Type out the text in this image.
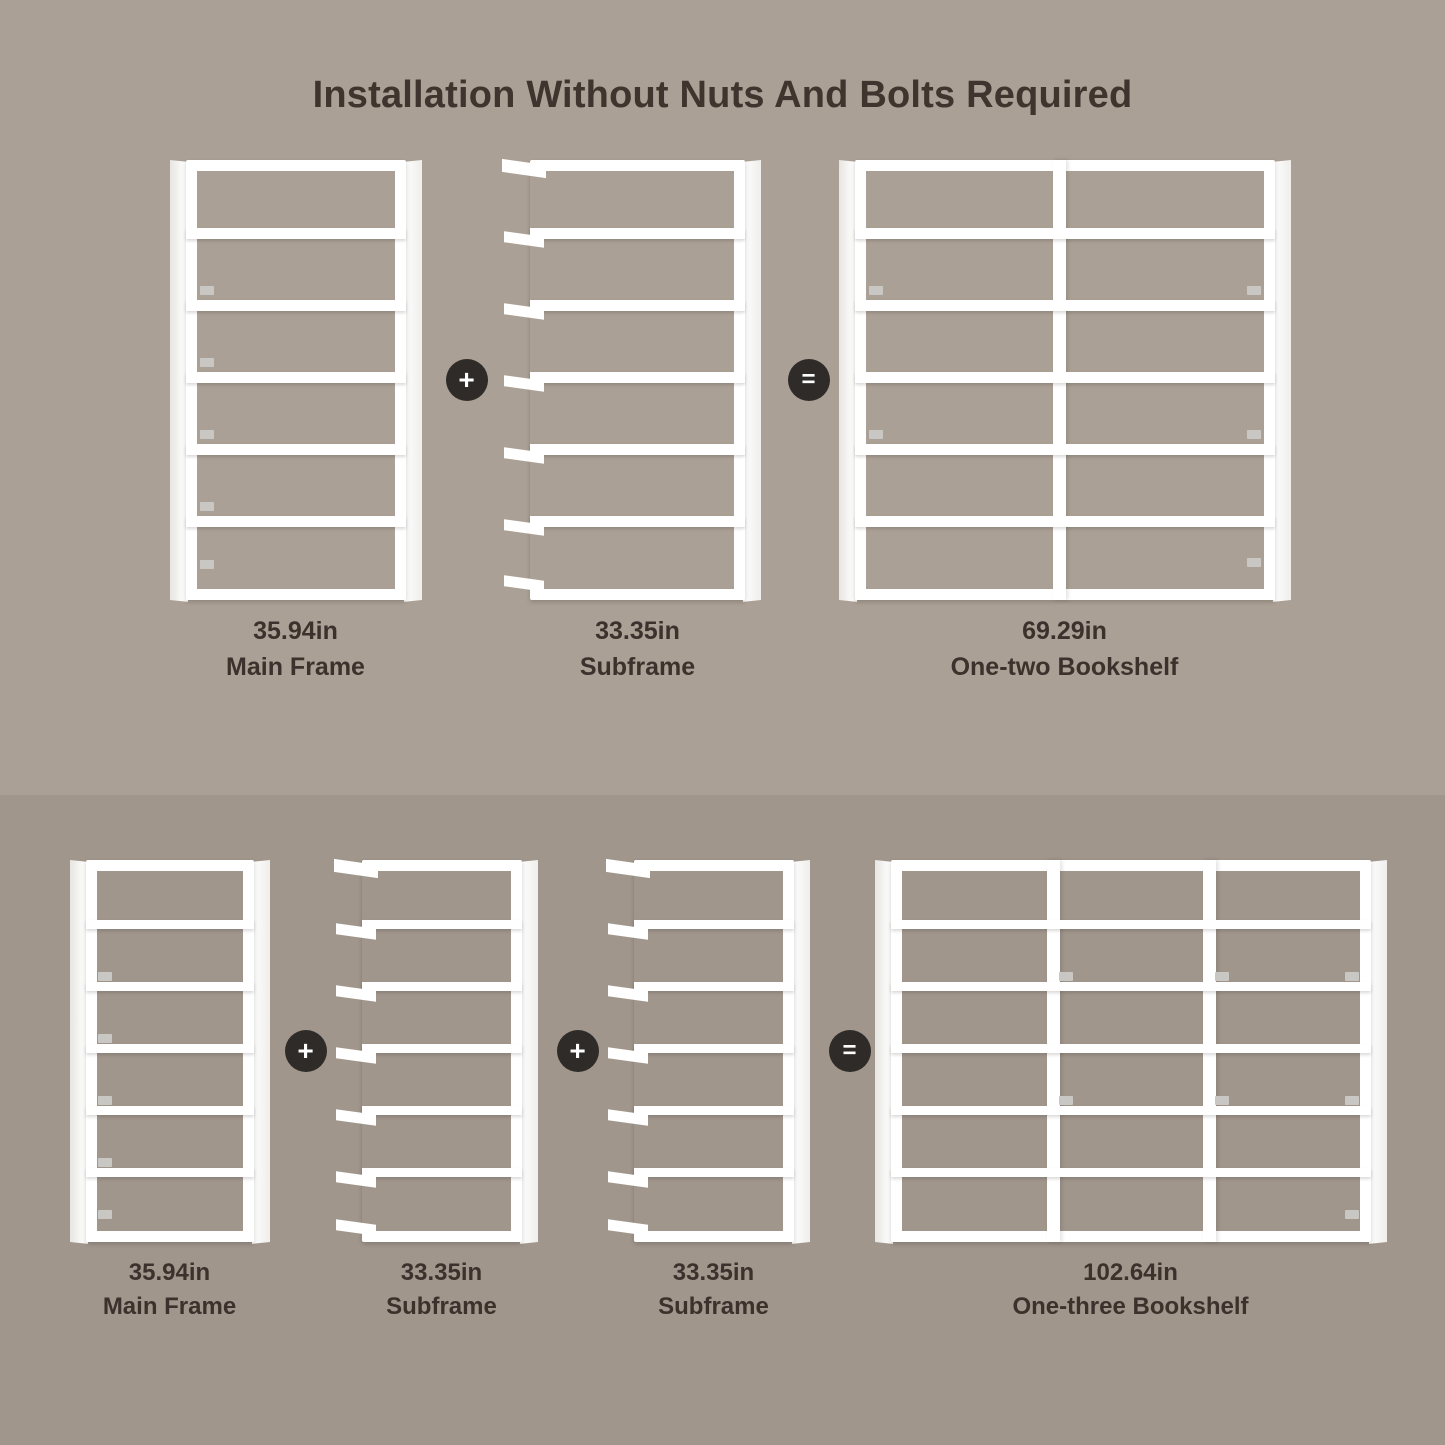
Installation Without Nuts And Bolts Required
35.94in
Main Frame
+
33.35in
Subframe
=
69.29in
One-two Bookshelf
35.94in
Main Frame
+
33.35in
Subframe
+
33.35in
Subframe
=
102.64in
One-three Bookshelf
